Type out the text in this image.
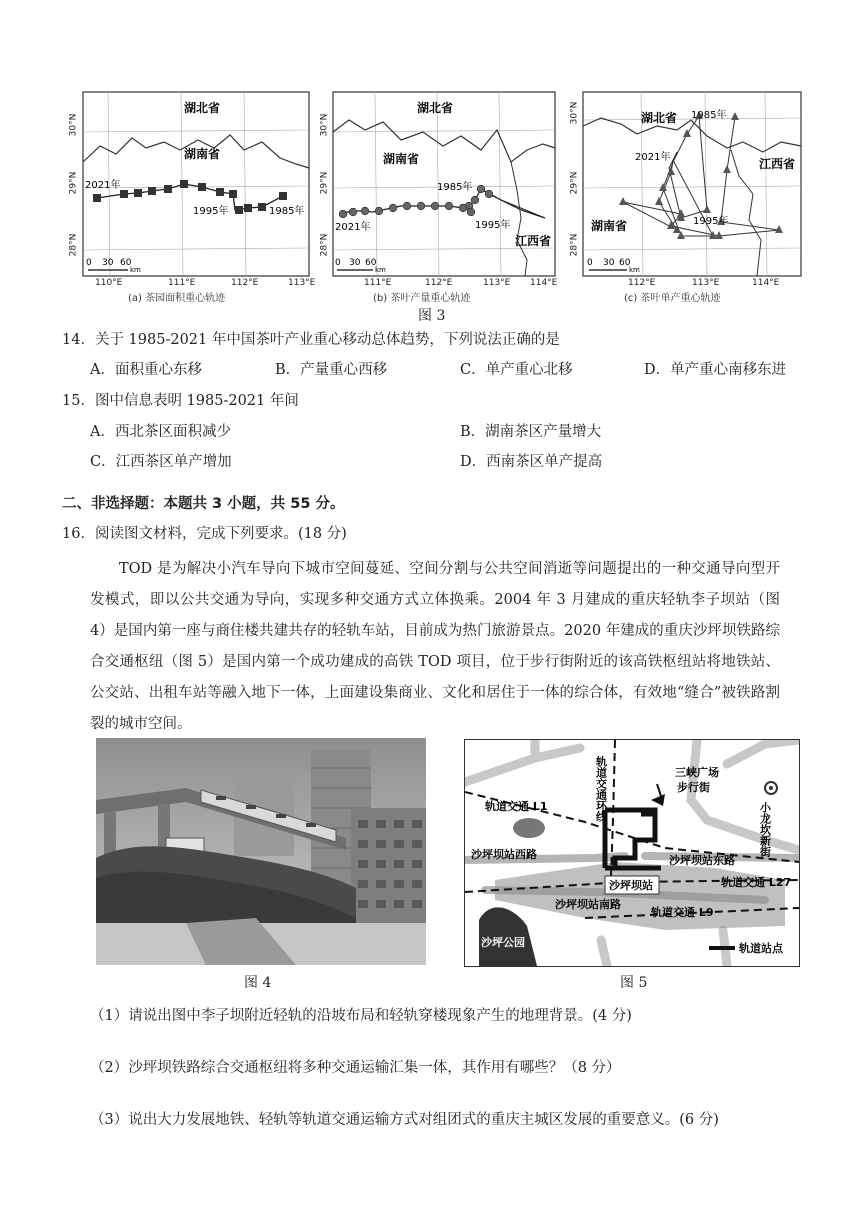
湖北省
湖南省
2021年
1995年	1985年
0 30 60
km
30°N
29°N
28°N
110°E	111°E	112°E	113°E
(a) 茶园面积重心轨迹
湖北省
湖南省
江西省
1985年
2021年	1995年
0 30 60
km
30°N
29°N
28°N
111°E	112°E	113°E 114°E
(b) 茶叶产量重心轨迹
湖北省
江西省
湖南省
1985年
2021年
1995年
0 30 60
km
30°N
29°N
28°N
112°E	113°E	114°E
(c) 茶叶单产重心轨迹
图 3
14．关于 1985-2021 年中国茶叶产业重心移动总体趋势，下列说法正确的是
A．面积重心东移	B．产量重心西移	C．单产重心北移	D．单产重心南移东进
15．图中信息表明 1985-2021 年间
A．西北茶区面积减少	B．湖南茶区产量增大
C．江西茶区单产增加	D．西南茶区单产提高
二、非选择题：本题共 3 小题，共 55 分。
16．阅读图文材料，完成下列要求。(18 分)
TOD 是为解决小汽车导向下城市空间蔓延、空间分割与公共空间消逝等问题提出的一种交通导向型开发模式，即以公共交通为导向，实现多种交通方式立体换乘。2004 年 3 月建成的重庆轻轨李子坝站（图 4）是国内第一座与商住楼共建共存的轻轨车站，目前成为热门旅游景点。2020 年建成的重庆沙坪坝铁路综合交通枢纽（图 5）是国内第一个成功建成的高铁 TOD 项目，位于步行街附近的该高铁枢纽站将地铁站、公交站、出租车站等融入地下一体，上面建设集商业、文化和居住于一体的综合体，有效地“缝合”被铁路割裂的城市空间。
轨道交通环线
轨道交通 L1
三峡广场
步行街
小龙坎新街
沙坪坝站西路	沙坪坝站东路
沙坪坝站	轨道交通 L27
沙坪坝站南路
轨道交通 L9
沙坪公园	轨道站点
图 4	图 5
（1）请说出图中李子坝附近轻轨的沿坡布局和轻轨穿楼现象产生的地理背景。(4 分)
（2）沙坪坝铁路综合交通枢纽将多种交通运输汇集一体，其作用有哪些？（8 分）
（3）说出大力发展地铁、轻轨等轨道交通运输方式对组团式的重庆主城区发展的重要意义。(6 分)
